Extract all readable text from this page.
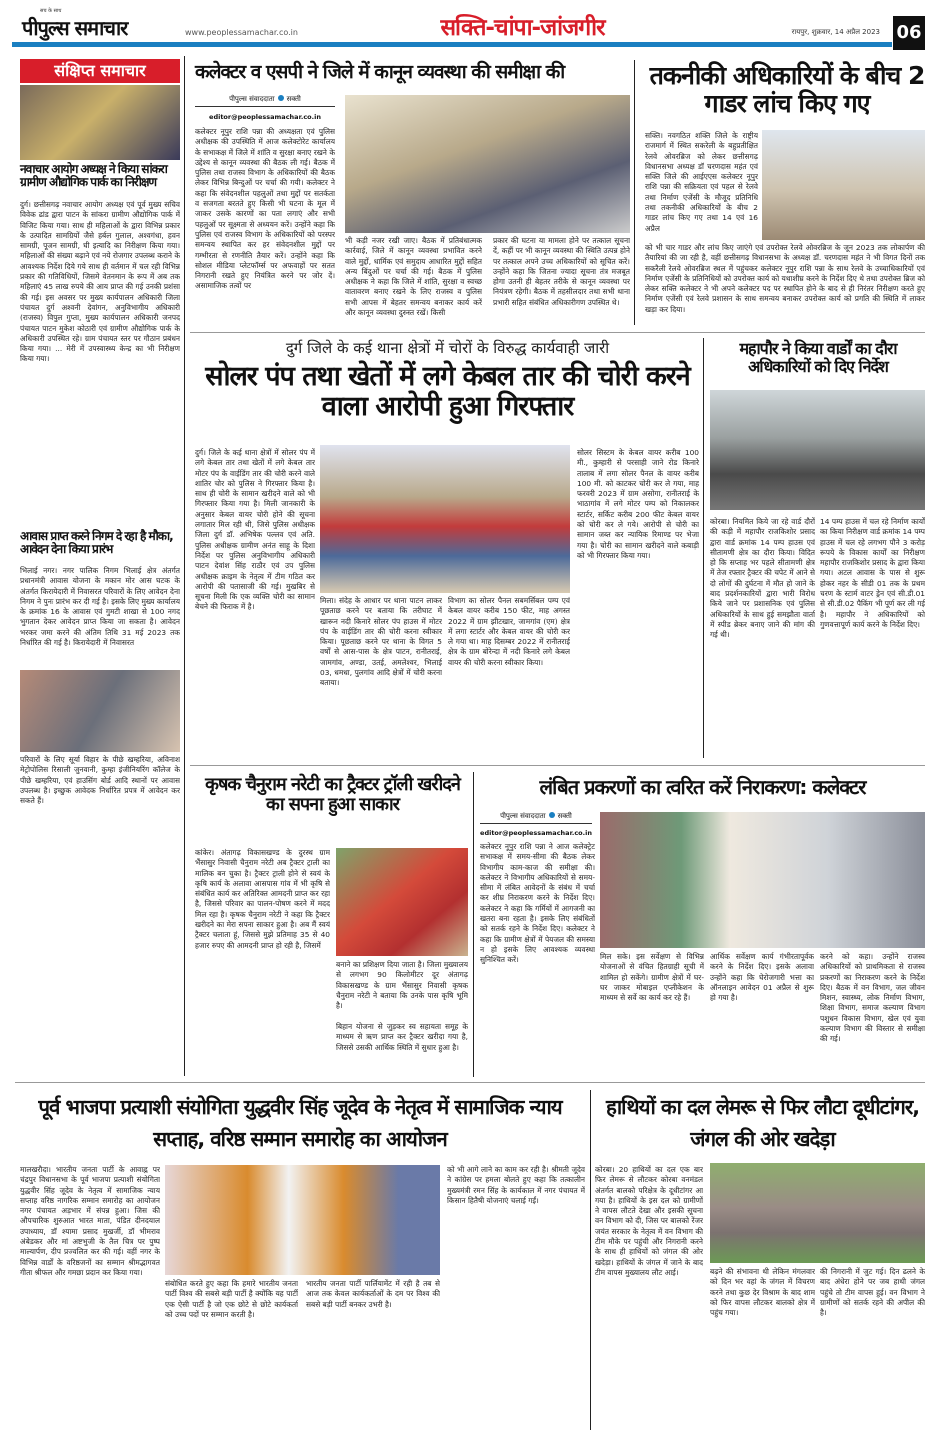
सच के साथ
पीपुल्स समाचार	www.peoplessamachar.co.in	सक्ति-चांपा-जांजगीर	रायपुर, शुक्रवार, 14 अप्रैल 2023 06
संक्षिप्त समाचार
नवाचार आयोग अध्यक्ष ने किया सांकरा ग्रामीण औद्योगिक पार्क का निरीक्षण
दुर्ग। छत्तीसगढ़ नवाचार आयोग अध्यक्ष एवं पूर्व मुख्य सचिव विवेक ढांड द्वारा पाटन के सांकरा ग्रामीण औद्योगिक पार्क में विजिट किया गया। साथ ही महिलाओं के द्वारा विभिन्न प्रकार के उत्पादित सामग्रियों जैसे हर्बल गुलाल, अश्वगंधा, हवन सामग्री, पूजन सामग्री, घी इत्यादि का निरीक्षण किया गया। महिलाओं की संख्या बढ़ाने एवं नये रोजगार उपलब्ध कराने के आवश्यक निर्देश दिये गये साथ ही वर्तमान में चल रही विभिन्न प्रकार की गतिविधियों, जिसमे वेतनमान के रूप में अब तक महिलाएं 45 लाख रुपये की आय प्राप्त की गई उनकी प्रशंसा की गई। इस अवसर पर मुख्य कार्यपालन अधिकारी जिला पंचायत दुर्ग अश्वनी देवांगन, अनुविभागीय अधिकारी (राजस्व) विपुल गुप्ता, मुख्य कार्यपालन अधिकारी जनपद पंचायत पाटन मुकेश कोठारी एवं ग्रामीण औद्योगिक पार्क के अधिकारी उपस्थित रहे। ग्राम पंचायत स्तर पर गौठान प्रबंधन किया गया। ... मेरी में उपस्वास्थ्य केन्द्र का भी निरीक्षण किया गया।
आवास प्राप्त करने निगम दे रहा है मौका, आवेदन देना किया प्रारंभ
भिलाई नगर। नगर पालिक निगम भिलाई क्षेत्र अंतर्गत प्रधानमंत्री आवास योजना के मकान मोर आस घटक के अंतर्गत किरायेदारी में निवासरत परिवारों के लिए आवेदन देना निगम ने पुनः प्रारंभ कर दी गई है। इसके लिए मुख्य कार्यालय के क्रमांक 16 के आवास एवं गुमटी शाखा से 100 नगद भुगतान देकर आवेदन प्राप्त किया जा सकता है। आवेदन भरकर जमा करने की अंतिम तिथि 31 मई 2023 तक निर्धारित की गई है। किरायेदारी में निवासरत
परिवारों के लिए सूर्या विहार के पीछे खम्हरिया, अविनाश मेट्रोपोलिस रिसाली जुनवानी, कुम्हा इंजीनियरिंग कॉलेज के पीछे खम्हरिया, एवं हाउसिंग बोर्ड आदि स्थानों पर आवास उपलब्ध है। इच्छुक आवेदक निर्धारित प्रपत्र में आवेदन कर सकते हैं।
कलेक्टर व एसपी ने जिले में कानून व्यवस्था की समीक्षा की
पीपुल्स संवाददाता सक्ती
editor@peoplessamachar.co.in
कलेक्टर नूपुर राशि पन्ना की अध्यक्षता एवं पुलिस अधीक्षक की उपस्थिति में आज कलेक्टोरेट कार्यालय के सभाकक्ष में जिले में शांति व सुरक्षा बनाए रखने के उद्देश्य से कानून व्यवस्था की बैठक ली गई। बैठक में पुलिस तथा राजस्व विभाग के अधिकारियों की बैठक लेकर विभिन्न बिन्दुओं पर चर्चा की गयी। कलेक्टर ने कहा कि संवेदनशील पहलुओं तथा मुद्दों पर सतर्कता व सजगता बरतते हुए किसी भी घटना के मूल में जाकर उसके कारणों का पता लगाएं और सभी पहलुओं पर सूक्ष्मता से अध्ययन करें। उन्होंने कहा कि पुलिस एवं राजस्व विभाग के अधिकारियों को परस्पर समन्वय स्थापित कर हर संवेदनशील मुद्दों पर गम्भीरता से रणनीति तैयार करें। उन्होंने कहा कि सोशल मीडिया प्लेटफॉर्म्स पर अफवाहों पर सतत निगरानी रखते हुए नियंत्रित करने पर जोर दें। असामाजिक तत्वों पर
भी कड़ी नजर रखी जाए। बैठक में प्रतिबंधात्मक कार्रवाई, जिले में कानून व्यवस्था प्रभावित करने वाले मुद्दों, धार्मिक एवं समुदाय आधारित मुद्दों सहित अन्य बिंदुओं पर चर्चा की गई। बैठक में पुलिस अधीक्षक ने कहा कि जिले में शांति, सुरक्षा व स्वच्छ वातावरण बनाए रखने के लिए राजस्व व पुलिस सभी आपस में बेहतर समन्वय बनाकर कार्य करें और कानून व्यवस्था दुरुस्त रखें। किसी
प्रकार की घटना या मामला होने पर तत्काल सूचना दें, कहीं पर भी कानून व्यवस्था की स्थिति उत्पन्न होने पर तत्काल अपने उच्च अधिकारियों को सूचित करें। उन्होंने कहा कि जितना ज्यादा सूचना तंत्र मजबूत होगा उतनी ही बेहतर तरीके से कानून व्यवस्था पर नियंत्रण रहेगी। बैठक में तहसीलदार तथा सभी थाना प्रभारी सहित संबंधित अधिकारीगण उपस्थित थे।
तकनीकी अधिकारियों के बीच 2 गाडर लांच किए गए
सक्ति। नवगठित शक्ति जिले के राष्ट्रीय राजमार्ग में स्थित सकरेली के बहुप्रतीक्षित रेलवे ओवरब्रिज को लेकर छत्तीसगढ़ विधानसभा अध्यक्ष डॉ चरणदास महंत एवं सक्ति जिले की आईएएस कलेक्टर नूपुर राशि पन्ना की सक्रियता एवं पहल से रेलवे तथा निर्माण एजेंसी के मौजूद प्रतिनिधि तथा तकनीकी अधिकारियों के बीच 2 गाडर लांच किए गए तथा 14 एवं 16 अप्रैल
को भी चार गाडर और लांच किए जाएंगे एवं उपरोक्त रेलवे ओवरब्रिज के जून 2023 तक लोकार्पण की तैयारियां की जा रही है, वहीं छत्तीसगढ़ विधानसभा के अध्यक्ष डॉ. चरणदास महंत ने भी विगत दिनों तक सकरैली रेलवे ओवरब्रिज स्थल में पहुंचकर कलेक्टर नूपुर राशि पन्ना के साथ रेलवे के उच्चाधिकारियों एवं निर्माण एजेंसी के प्रतिनिधियों को उपरोक्त कार्य को यथाशीघ्र करने के निर्देश दिए थे तथा उपरोक्त ब्रिज को लेकर सक्ति कलेक्टर ने भी अपने कलेक्टर पद पर स्थापित होने के बाद से ही निरंतर निरीक्षण करते हुए निर्माण एजेंसी एवं रेलवे प्रशासन के साथ समन्वय बनाकर उपरोक्त कार्य को प्रगति की स्थिति में लाकर खड़ा कर दिया।
दुर्ग जिले के कई थाना क्षेत्रों में चोरों के विरुद्ध कार्यवाही जारी
सोलर पंप तथा खेतों में लगे केबल तार की चोरी करने वाला आरोपी हुआ गिरफ्तार
दुर्ग। जिले के कई थाना क्षेत्रों में सोलर पंप में लगे केबल तार तथा खेतों में लगे केबल तार मोटर पंप के वाईडिंग तार की चोरी करने वाले शातिर चोर को पुलिस ने गिरफ्तार किया है। साथ ही चोरी के सामान खरीदने वाले को भी गिरफ्तार किया गया है। मिली जानकारी के अनुसार केबल वायर चोरी होने की सूचना लगातार मिल रही थी, जिसे पुलिस अधीक्षक जिला दुर्ग डॉ. अभिषेक पल्लव एवं अति. पुलिस अधीक्षक ग्रामीण अनंत साहू के दिशा निर्देश पर पुलिस अनुविभागीय अधिकारी पाटन देवांश सिंह राठौर एवं उप पुलिस अधीक्षक क्राइम के नेतृत्व में टीम गठित कर आरोपी की पतासाजी की गई। मुखबिर से सूचना मिली कि एक व्यक्ति चोरी का सामान बेचने की फिराक में है।
मिला। संदेह के आधार पर थाना पाटन लाकर पूछताछ करने पर बताया कि तरीघाट में खारून नदी किनारे सोलर पंप हाउस में मोटर पंप के वाईडिंग तार की चोरी करना स्वीकार किया। पूछताछ करने पर थाना के विगत 5 वर्षों से आस-पास के क्षेत्र पाटन, रानीतराई, जामगांव, अण्डा, उतई, अमलेश्वर, भिलाई 03, धमधा, पुलगांव आदि क्षेत्रों में चोरी करना बताया।
विभाग का सोलर पैनल सबमर्सिबल पम्प एवं केबल वायर करीब 150 फीट, माह अगस्त 2022 में ग्राम झीटखार, जामगांव (एम) क्षेत्र में लगा स्टार्टर और केबल वायर की चोरी कर ले गया था। माह दिसम्बर 2022 में रानीतराई क्षेत्र के ग्राम बोरेन्दा में नदी किनारे लगे केबल वायर की चोरी करना स्वीकार किया।
सोलर सिस्टम के केबल वायर करीब 100 मी., कुम्हारी से परसाही जाने रोड किनारे तालाब में लगा सोलर पैनल के वायर करीब 100 मी. को काटकर चोरी कर ले गया, माह फरवरी 2023 में ग्राम असोगा, रानीतराई के भाठागांव में लगे मोटर पम्प को निकालकर स्टार्टर, सर्किट करीब 200 फीट केबल वायर को चोरी कर ले गये। आरोपी से चोरी का सामान जब्त कर न्यायिक रिमाण्ड पर भेजा गया है। चोरी का सामान खरीदने वाले कबाड़ी को भी गिरफ्तार किया गया।
महापौर ने किया वार्डों का दौरा अधिकारियों को दिए निर्देश
कोरबा। नियमित किये जा रहे वार्ड दौरों की कड़ी में महापौर राजकिशोर प्रसाद द्वारा वार्ड क्रमांक 14 पम्प हाउस एवं सीतामणी क्षेत्र का दौरा किया। विदित हो कि सप्ताह भर पहले सीतामणी क्षेत्र में तेज रफ्तार ट्रैक्टर की चपेट में आने से दो लोगों की दुर्घटना में मौत हो जाने के बाद प्रदर्शनकारियों द्वारा भारी विरोध किये जाने पर प्रशासनिक एवं पुलिस अधिकारियों के साथ हुई समझौता वार्ता में स्पीड ब्रेकर बनाए जाने की मांग की गई थी।
14 पम्प हाउस में चल रहे निर्माण कार्यों का किया निरीक्षण वार्ड क्रमांक 14 पम्प हाउस में चल रहे लगभग पौने 3 करोड़ रूपये के विकास कार्यों का निरीक्षण महापौर राजकिशोर प्रसाद के द्वारा किया गया। अटल आवास के पास से शुरू होकर नहर के सीडी 01 तक के प्रथम चरण के स्टार्म वाटर ड्रेन एवं सी.डी.01 से सी.डी.02 पैकिंग भी पूर्ण कर ली गई है। महापौर ने अधिकारियों को गुणवत्तापूर्ण कार्य करने के निर्देश दिए।
कृषक चैनुराम नरेटी का ट्रैक्टर ट्रॉली खरीदने का सपना हुआ साकार
कांकेर। अंतागढ़ विकासखण्ड के दुरस्थ ग्राम भैंसासुर निवासी चैनुराम नरेटी अब ट्रैक्टर ट्राली का मालिक बन चुका है। ट्रैक्टर ट्राली होने से स्वयं के कृषि कार्य के अलावा आसपास गांव में भी कृषि से संबंधित कार्य कर अतिरिक्त आमदनी प्राप्त कर रहा है, जिससे परिवार का पालन-पोषण करने में मदद मिल रहा है। कृषक चैनुराम नरेटी ने कहा कि ट्रैक्टर खरीदने का मेरा सपना साकार हुआ है। अब मैं स्वयं ट्रैक्टर चलाता हूं, जिससे मुझे प्रतिमाह 35 से 40 हजार रुपए की आमदनी प्राप्त हो रही है, जिसमें
बनाने का प्रशिक्षण दिया जाता है। जिला मुख्यालय से लगभग 90 किलोमीटर दूर अंतागढ़ विकासखण्ड के ग्राम भैंसासुर निवासी कृषक चैनुराम नरेटी ने बताया कि उनके पास कृषि भूमि है।
बिहान योजना से जुड़कर स्व सहायता समूह के माध्यम से ऋण प्राप्त कर ट्रैक्टर खरीदा गया है, जिससे उसकी आर्थिक स्थिति में सुधार हुआ है।
लंबित प्रकरणों का त्वरित करें निराकरण: कलेक्टर
पीपुल्स संवाददाता सक्ती
editor@peoplessamachar.co.in
कलेक्टर नूपुर राशि पन्ना ने आज कलेक्ट्रेट सभाकक्ष में समय-सीमा की बैठक लेकर विभागीय काम-काज की समीक्षा की। कलेक्टर ने विभागीय अधिकारियों से समय-सीमा में लंबित आवेदनों के संबंध में चर्चा कर शीघ्र निराकरण करने के निर्देश दिए। कलेक्टर ने कहा कि गर्मियों में आगजनी का खतरा बना रहता है। इसके लिए संबंधितों को सतर्क रहने के निर्देश दिए। कलेक्टर ने कहा कि ग्रामीण क्षेत्रों में पेयजल की समस्या न हो इसके लिए आवश्यक व्यवस्था सुनिश्चित करें।	मिल सके। इस सर्वेक्षण से विभिन्न योजनाओं से वंचित हितग्राही सूची में शामिल हो सकेंगे। ग्रामीण क्षेत्रों में घर-घर जाकर मोबाइल एप्लीकेशन के माध्यम से सर्वे का कार्य कर रहे हैं।
आर्थिक सर्वेक्षण कार्य गंभीरतापूर्वक करने के निर्देश दिए। इसके अलावा उन्होंने कहा कि घेरोजगारी भत्ता का ऑनलाइन आवेदन 01 अप्रैल से शुरू हो गया है।
करने को कहा। उन्होंने राजस्व अधिकारियों को प्राथमिकता से राजस्व प्रकरणों का निराकरण करने के निर्देश दिए। बैठक में वन विभाग, जल जीवन मिशन, स्वास्थ्य, लोक निर्माण विभाग, शिक्षा विभाग, समाज कल्याण विभाग पशुधन विकास विभाग, खेल एवं युवा कल्याण विभाग की विस्तार से समीक्षा की गई।
पूर्व भाजपा प्रत्याशी संयोगिता युद्धवीर सिंह जूदेव के नेतृत्व में सामाजिक न्याय सप्ताह, वरिष्ठ सम्मान समारोह का आयोजन
मालखरौदा। भारतीय जनता पार्टी के आवाह्न पर चंद्रपुर विधानसभा के पूर्व भाजपा प्रत्याशी संयोगिता युद्धवीर सिंह जूदेव के नेतृत्व में सामाजिक न्याय सप्ताह वरिष्ठ नागरिक सम्मान समारोह का आयोजन नगर पंचायत अड़भार में संपन्न हुआ। जिस की औपचारिक शुरुआत भारत माता, पंडित दीनदयाल उपाध्याय, डॉ श्यामा प्रसाद मुखर्जी, डॉ भीमराव अंबेडकर और मां अष्टभुजी के तैल चित्र पर पुष्प माल्यार्पण, दीप प्रज्वलित कर की गई। वहीं नगर के विभिन्न वार्डों के वरिष्ठजनों का सम्मान श्रीमद्भागवत गीता श्रीफल और गमछा प्रदान कर किया गया।
संबोधित करते हुए कहा कि हमारे भारतीय जनता पार्टी विश्व की सबसे बड़ी पार्टी है क्योंकि यह पार्टी एक ऐसी पार्टी है जो एक छोटे से छोटे कार्यकर्ता को उच्च पदों पर सम्मान करती है।
भारतीय जनता पार्टी पार्लियामेंट में रही है तब से आज तक केवल कार्यकर्ताओं के दम पर विश्व की सबसे बड़ी पार्टी बनकर उभरी है।
को भी आगे लाने का काम कर रही है। श्रीमती जूदेव ने कांग्रेस पर हमला बोलते हुए कहा कि तत्कालीन मुख्यमंत्री रमन सिंह के कार्यकाल में नगर पंचायत में किसान हितैषी योजनाएं चलाई गईं।
हाथियों का दल लेमरू से फिर लौटा दूधीटांगर, जंगल की ओर खदेड़ा
कोरबा। 20 हाथियों का दल एक बार फिर लेमरू से लौटकर कोरबा वनमंडल अंतर्गत बालको परिक्षेत्र के दूधीटांगर आ गया है। हाथियों के इस दल को ग्रामीणों ने वापस लौटते देखा और इसकी सूचना वन विभाग को दी, जिस पर बालको रेंजर जयंत सरकार के नेतृत्व में वन विभाग की टीम मौके पर पहुंची और निगरानी करने के साथ ही हाथियों को जंगल की ओर खदेड़ा। हाथियों के जंगल में जाने के बाद टीम वापस मुख्यालय लौट आई।	बढ़ने की संभावना थी लेकिन मंगलवार को दिन भर वहां के जंगल में विचरण करने तथा कुछ देर विश्राम के बाद शाम को फिर वापस लौटकर बालको क्षेत्र में पहुंच गया।
की निगरानी में जुट गई। दिन ढलने के बाद अंधेरा होने पर जब हाथी जंगल पहुंचे तो टीम वापस हुई। वन विभाग ने ग्रामीणों को सतर्क रहने की अपील की है।
